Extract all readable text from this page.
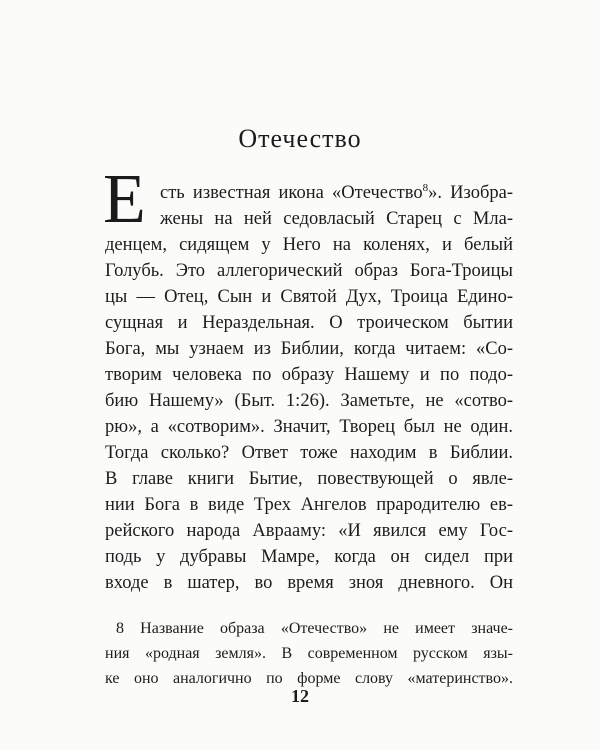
Отечество
Е сть известная икона «Отечество$^8$». Изобра-
жены на ней седовласый Старец с Мла-
денцем, сидящем у Него на коленях, и белый
Голубь. Это аллегорический образ Бога-Троицы
цы — Отец, Сын и Святой Дух, Троица Едино-
сущная и Нераздельная. О троическом бытии
Бога, мы узнаем из Библии, когда читаем: «Со-
творим человека по образу Нашему и по подо-
бию Нашему» (Быт. 1:26). Заметьте, не «сотво-
рю», а «сотворим». Значит, Творец был не один.
Тогда сколько? Ответ тоже находим в Библии.
В главе книги Бытие, повествующей о явле-
нии Бога в виде Трех Ангелов прародителю ев-
рейского народа Аврааму: «И явился ему Гос-
подь у дубравы Мамре, когда он сидел при
входе в шатер, во время зноя дневного. Он
8 Название образа «Отечество» не имеет значе-
ния «родная земля». В современном русском язы-
ке оно аналогично по форме слову «материнство».
12
